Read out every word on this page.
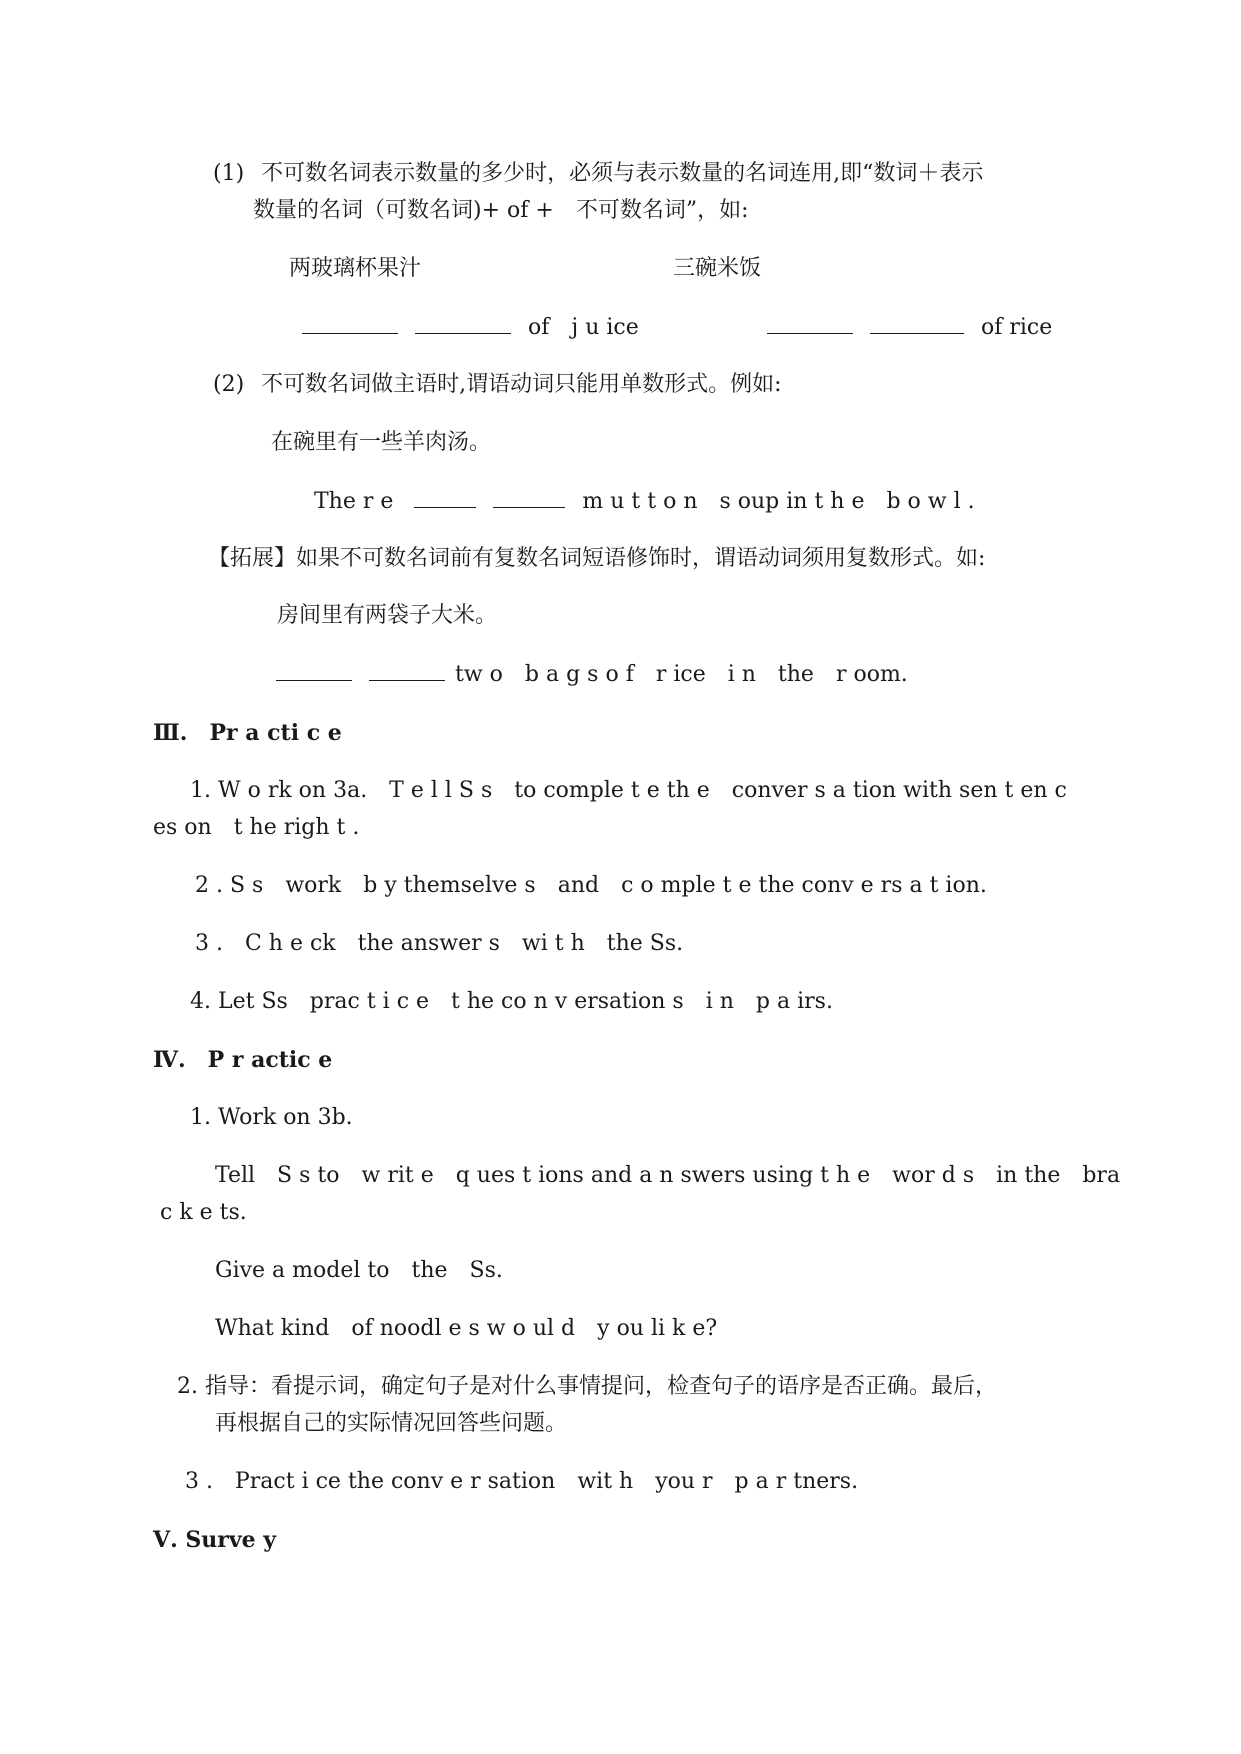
(1) 不可数名词表示数量的多少时，必须与表示数量的名词连用,即“数词＋表示
数量的名词（可数名词)+ of +　不可数名词”，如:
两玻璃杯果汁	三碗米饭
of　j u ice	of rice
(2) 不可数名词做主语时,谓语动词只能用单数形式。例如:
在碗里有一些羊肉汤。
The r e	m u t t o n　s oup in t h e　b o w l .
【拓展】如果不可数名词前有复数名词短语修饰时，谓语动词须用复数形式。如:
房间里有两袋子大米。
tw o　b a g s o f　r ice　i n　the　r oom.
Ⅲ.　Pr a cti c e
1. W o rk on 3a.　T e l l S s　to comple t e th e　conver s a tion with sen t en c
es on　t he righ t .
2 . S s　work　b y themselve s　and　c o mple t e the conv e rs a t ion.
3 .　C h e ck　the answer s　wi t h　the Ss.
4. Let Ss　prac t i c e　t he co n v ersation s　i n　p a irs.
Ⅳ.　P r actic e
1. Work on 3b.
Tell　S s to　w rit e　q ues t ions and a n swers using t h e　wor d s　in the　bra
c k e ts.
Give a model to　the　Ss.
What kind　of noodl e s w o ul d　y ou li k e?
2. 指导：看提示词，确定句子是对什么事情提问，检查句子的语序是否正确。最后，
再根据自己的实际情况回答些问题。
3 .　Pract i ce the conv e r sation　wit h　you r　p a r tners.
Ⅴ. Surve y
